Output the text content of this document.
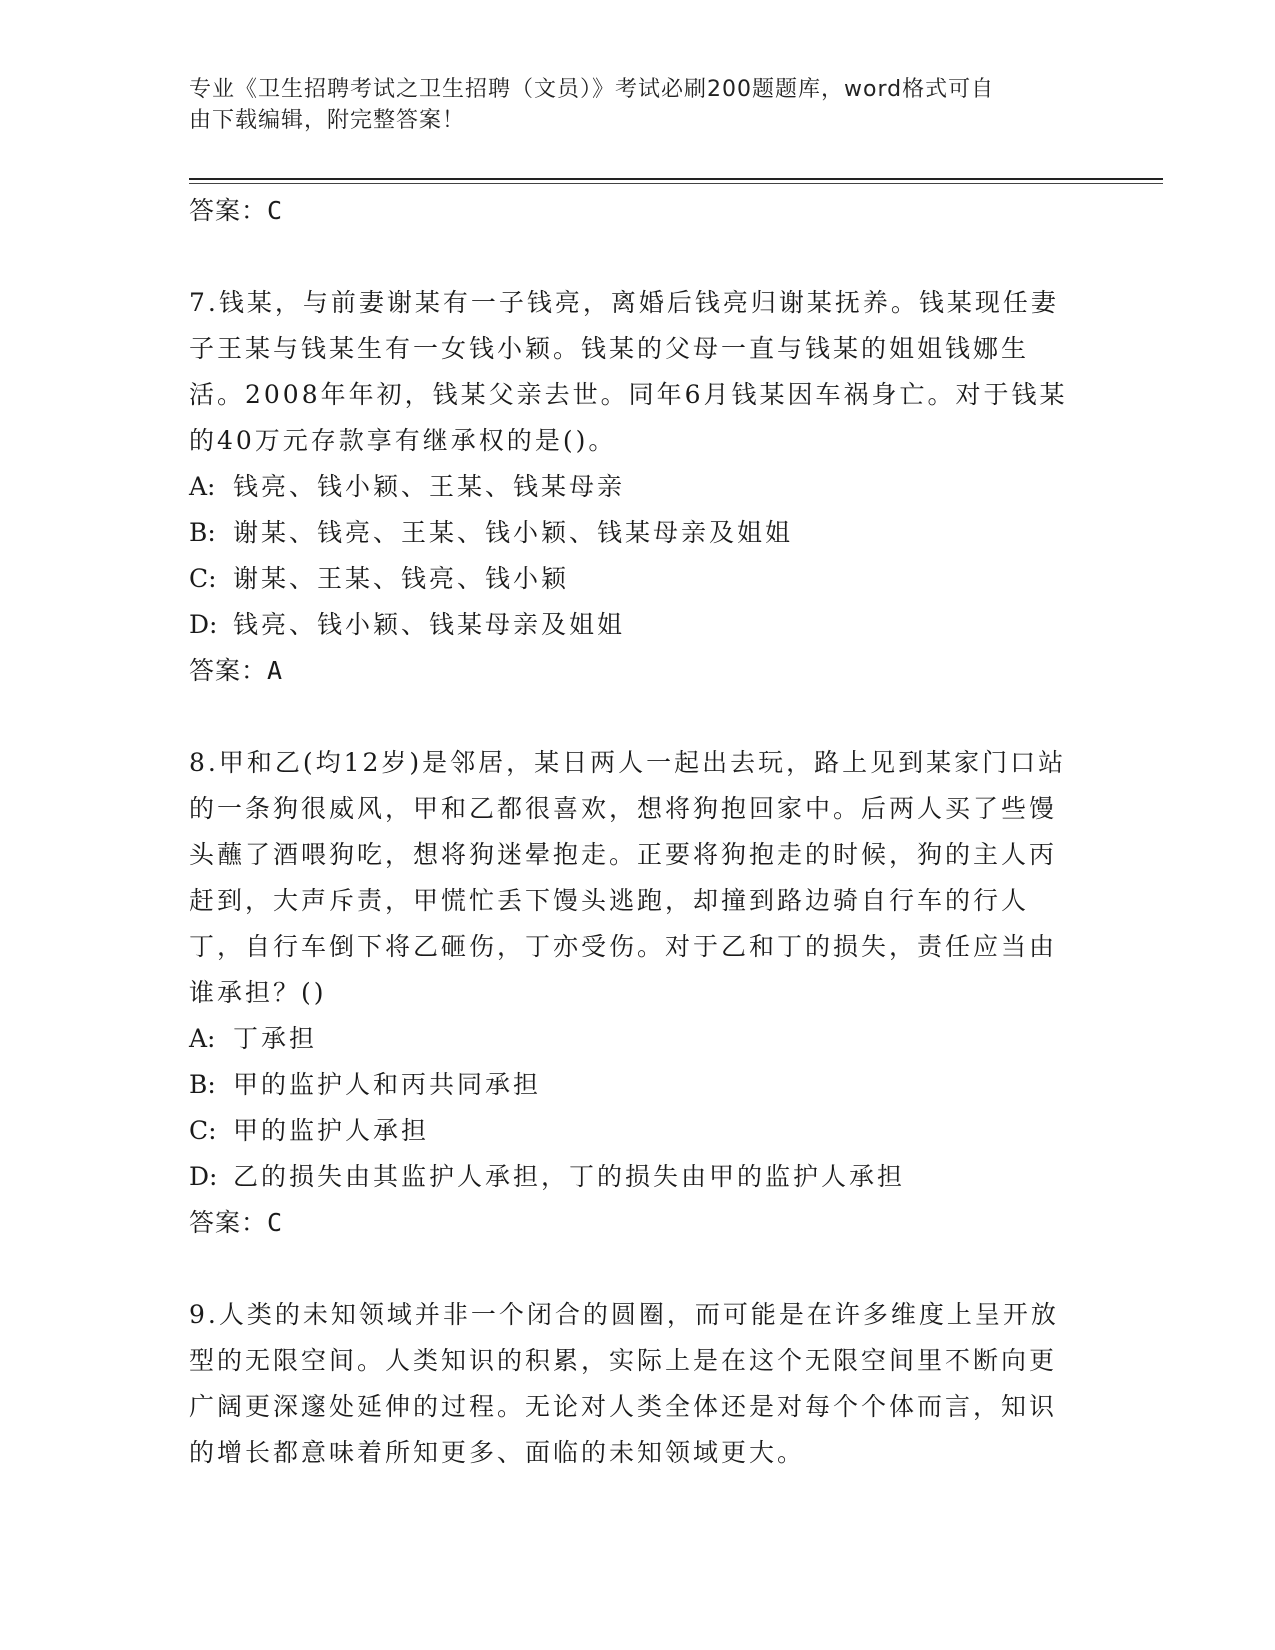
专业《卫生招聘考试之卫生招聘（文员）》考试必刷200题题库，word格式可自
由下载编辑，附完整答案！

答案：C

7.钱某，与前妻谢某有一子钱亮，离婚后钱亮归谢某抚养。钱某现任妻子王某与钱某生有一女钱小颖。钱某的父母一直与钱某的姐姐钱娜生活。2008年年初，钱某父亲去世。同年6月钱某因车祸身亡。对于钱某的40万元存款享有继承权的是()。

A: 钱亮、钱小颖、王某、钱某母亲

B: 谢某、钱亮、王某、钱小颖、钱某母亲及姐姐

C: 谢某、王某、钱亮、钱小颖

D: 钱亮、钱小颖、钱某母亲及姐姐

答案：A

8.甲和乙(均12岁)是邻居，某日两人一起出去玩，路上见到某家门口站的一条狗很威风，甲和乙都很喜欢，想将狗抱回家中。后两人买了些馒头蘸了酒喂狗吃，想将狗迷晕抱走。正要将狗抱走的时候，狗的主人丙赶到，大声斥责，甲慌忙丢下馒头逃跑，却撞到路边骑自行车的行人丁，自行车倒下将乙砸伤，丁亦受伤。对于乙和丁的损失，责任应当由谁承担？()

A: 丁承担

B: 甲的监护人和丙共同承担

C: 甲的监护人承担

D: 乙的损失由其监护人承担，丁的损失由甲的监护人承担

答案：C

9.人类的未知领域并非一个闭合的圆圈，而可能是在许多维度上呈开放型的无限空间。人类知识的积累，实际上是在这个无限空间里不断向更广阔更深邃处延伸的过程。无论对人类全体还是对每个个体而言，知识的增长都意味着所知更多、面临的未知领域更大。
